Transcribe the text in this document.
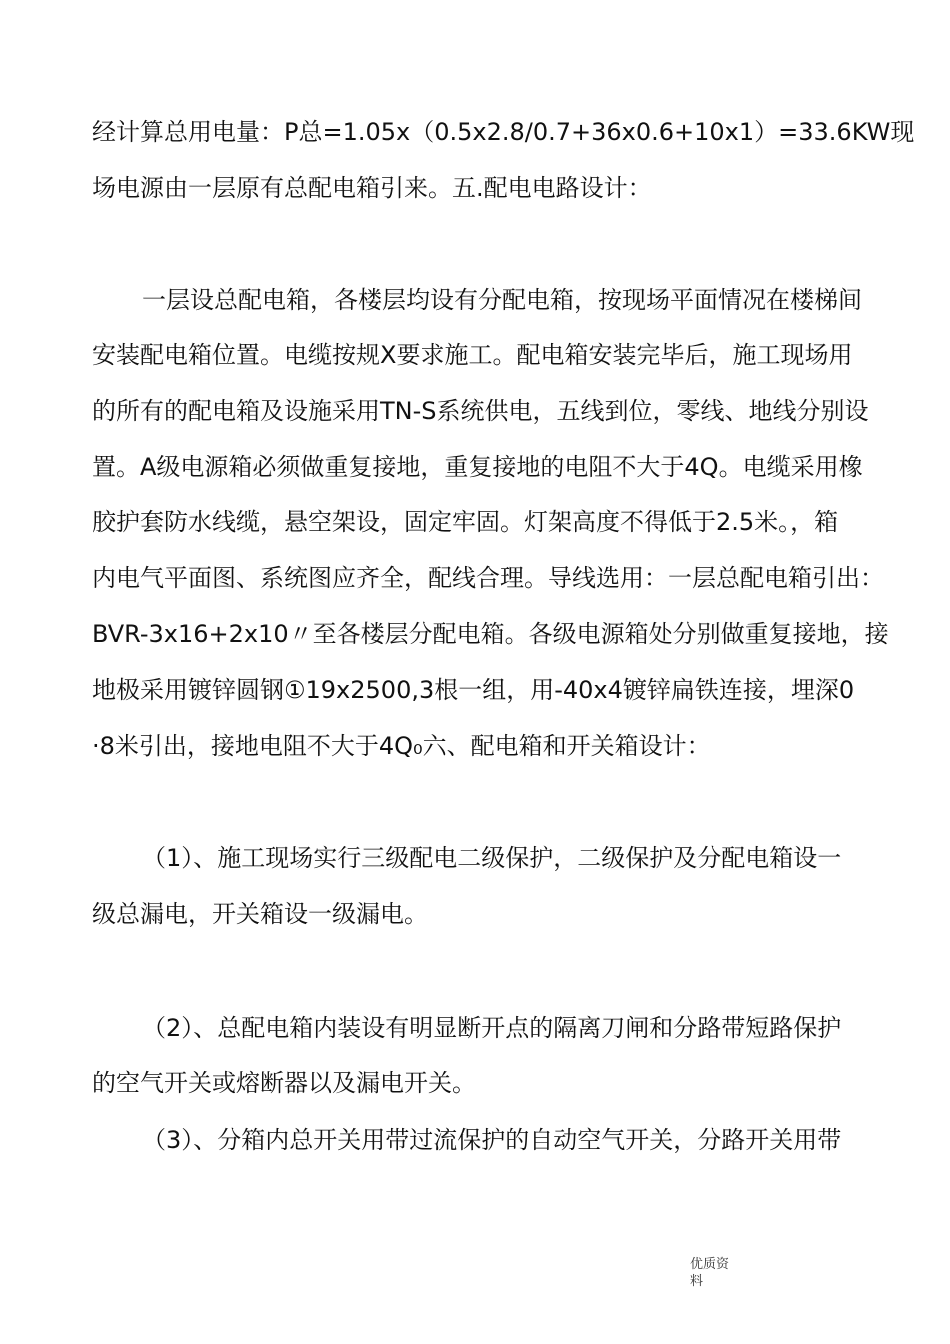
经计算总用电量：P总=1.05x（0.5x2.8/0.7+36x0.6+10x1）=33.6KW现
场电源由一层原有总配电箱引来。五.配电电路设计：
一层设总配电箱，各楼层均设有分配电箱，按现场平面情况在楼梯间
安装配电箱位置。电缆按规X要求施工。配电箱安装完毕后，施工现场用
的所有的配电箱及设施采用TN-S系统供电，五线到位，零线、地线分别设
置。A级电源箱必须做重复接地，重复接地的电阻不大于4Q。电缆采用橡
胶护套防水线缆，悬空架设，固定牢固。灯架高度不得低于2.5米。，箱
内电气平面图、系统图应齐全，配线合理。导线选用：一层总配电箱引出：
BVR-3x16+2x10〃至各楼层分配电箱。各级电源箱处分别做重复接地，接
地极采用镀锌圆钢①19x2500,3根一组，用-40x4镀锌扁铁连接，埋深0
·8米引出，接地电阻不大于4Q₀六、配电箱和开关箱设计：
（1）、施工现场实行三级配电二级保护，二级保护及分配电箱设一
级总漏电，开关箱设一级漏电。
（2）、总配电箱内装设有明显断开点的隔离刀闸和分路带短路保护
的空气开关或熔断器以及漏电开关。
（3）、分箱内总开关用带过流保护的自动空气开关，分路开关用带
优质资料
